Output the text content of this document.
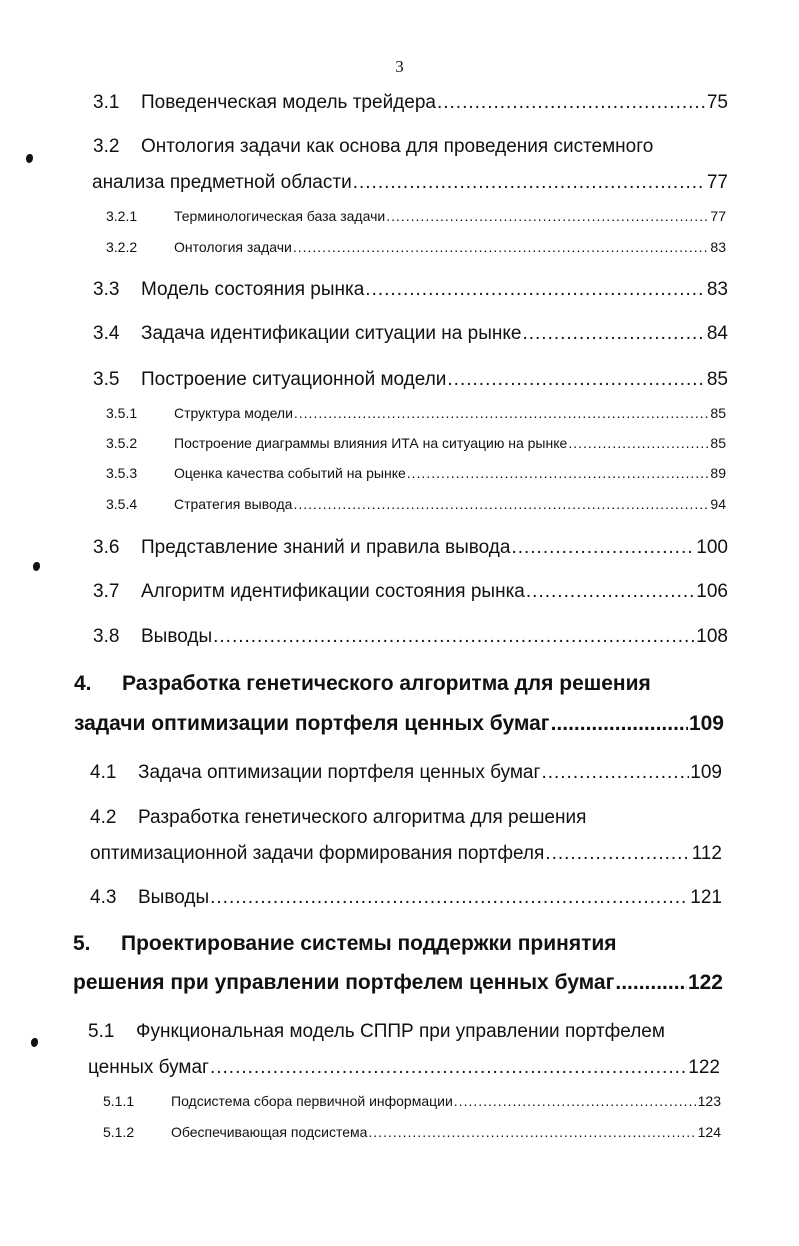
3
3.1	Поведенческая модель трейдера .....	75
3.2	Онтология задачи как основа для проведения системного
анализа предметной области .....	77
3.2.1	Терминологическая база задачи .....	77
3.2.2	Онтология задачи .....	83
3.3	Модель состояния рынка .....	83
3.4	Задача идентификации ситуации на рынке .....	84
3.5	Построение ситуационной модели .....	85
3.5.1	Структура модели .....	85
3.5.2	Построение диаграммы влияния ИТА на ситуацию на рынке .....	85
3.5.3	Оценка качества событий на рынке .....	89
3.5.4	Стратегия вывода .....	94
3.6	Представление знаний и правила вывода .....	100
3.7	Алгоритм идентификации состояния рынка .....	106
3.8	Выводы .....	108
4.	Разработка генетического алгоритма для решения
задачи оптимизации портфеля ценных бумаг .....	109
4.1	Задача оптимизации портфеля ценных бумаг .....	109
4.2	Разработка генетического алгоритма для решения
оптимизационной задачи формирования портфеля .....	112
4.3	Выводы .....	121
5.	Проектирование системы поддержки принятия
решения при управлении портфелем ценных бумаг .....	122
5.1	Функциональная модель СППР при управлении портфелем
ценных бумаг .....	122
5.1.1	Подсистема сбора первичной информации .....	123
5.1.2	Обеспечивающая подсистема .....	124
